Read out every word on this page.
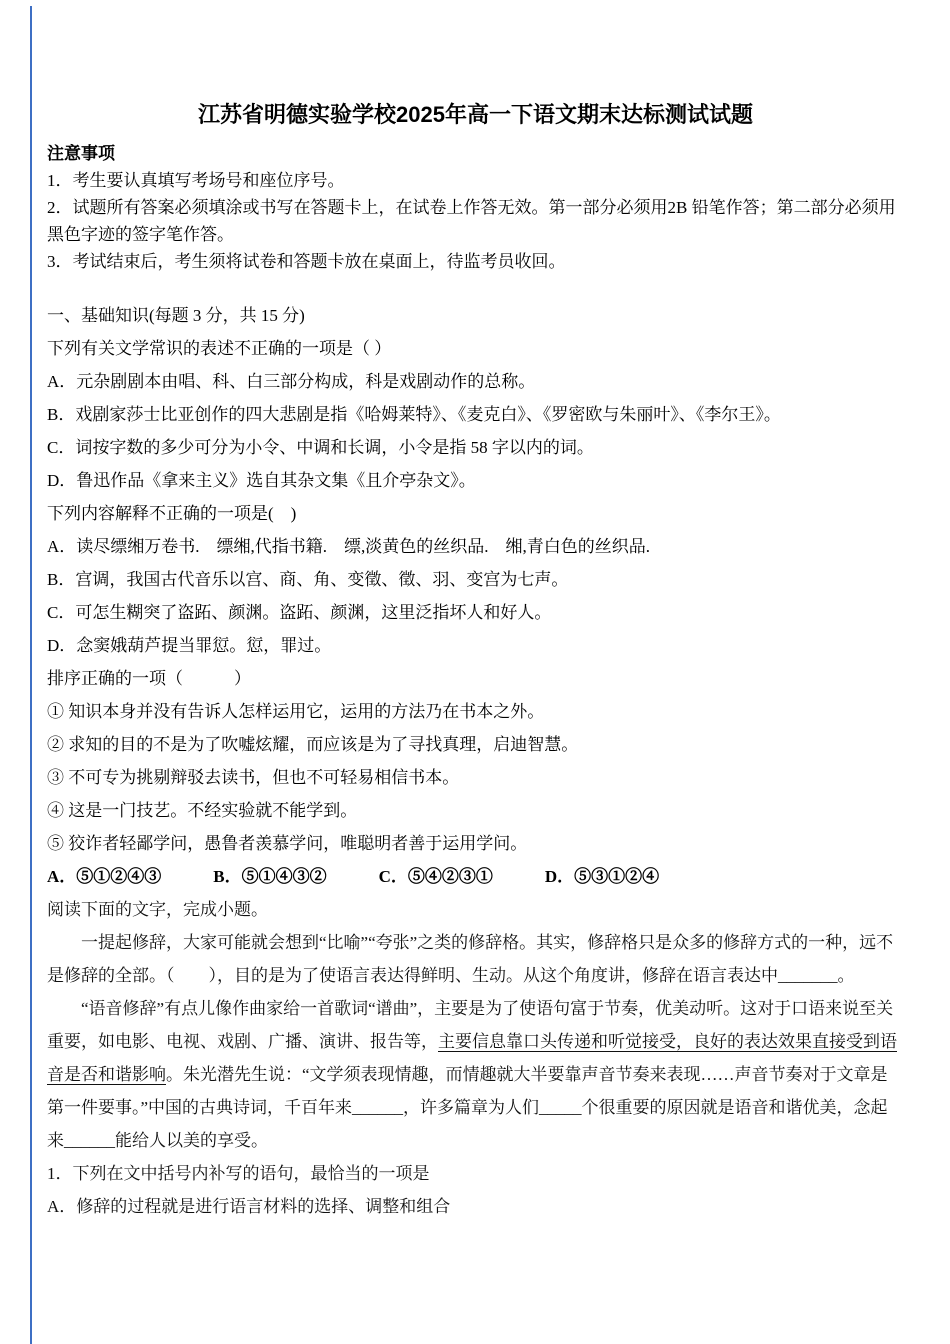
江苏省明德实验学校2025年高一下语文期末达标测试试题
注意事项

1．考生要认真填写考场号和座位序号。

2．试题所有答案必须填涂或书写在答题卡上，在试卷上作答无效。第一部分必须用2B 铅笔作答；第二部分必须用黑色字迹的签字笔作答。

3．考试结束后，考生须将试卷和答题卡放在桌面上，待监考员收回。

一、基础知识(每题 3 分，共 15 分)

下列有关文学常识的表述不正确的一项是（ ）

A．元杂剧剧本由唱、科、白三部分构成，科是戏剧动作的总称。

B．戏剧家莎士比亚创作的四大悲剧是指《哈姆莱特》、《麦克白》、《罗密欧与朱丽叶》、《李尔王》。

C．词按字数的多少可分为小令、中调和长调，小令是指 58 字以内的词。

D．鲁迅作品《拿来主义》选自其杂文集《且介亭杂文》。

下列内容解释不正确的一项是(　)

A．读尽缥缃万卷书.　缥缃,代指书籍.　缥,淡黄色的丝织品.　缃,青白色的丝织品.

B．宫调，我国古代音乐以宫、商、角、变徵、徵、羽、变宫为七声。

C．可怎生糊突了盗跖、颜渊。盗跖、颜渊，这里泛指坏人和好人。

D．念窦娥葫芦提当罪愆。愆，罪过。

排序正确的一项（　　　）

① 知识本身并没有告诉人怎样运用它，运用的方法乃在书本之外。

② 求知的目的不是为了吹嘘炫耀，而应该是为了寻找真理，启迪智慧。

③ 不可专为挑剔辩驳去读书，但也不可轻易相信书本。

④ 这是一门技艺。不经实验就不能学到。

⑤ 狡诈者轻鄙学问，愚鲁者羡慕学问，唯聪明者善于运用学问。

A．⑤①②④③	B．⑤①④③②	C．⑤④②③①	D．⑤③①②④

阅读下面的文字，完成小题。

一提起修辞，大家可能就会想到“比喻”“夸张”之类的修辞格。其实，修辞格只是众多的修辞方式的一种，远不是修辞的全部。（　　），目的是为了使语言表达得鲜明、生动。从这个角度讲，修辞在语言表达中_______。

“语音修辞”有点儿像作曲家给一首歌词“谱曲”，主要是为了使语句富于节奏，优美动听。这对于口语来说至关重要，如电影、电视、戏剧、广播、演讲、报告等，主要信息靠口头传递和听觉接受，良好的表达效果直接受到语音是否和谐影响。朱光潜先生说：“文学须表现情趣，而情趣就大半要靠声音节奏来表现……声音节奏对于文章是第一件要事。”中国的古典诗词，千百年来______，许多篇章为人们_____个很重要的原因就是语音和谐优美，念起来______能给人以美的享受。

1．下列在文中括号内补写的语句，最恰当的一项是

A．修辞的过程就是进行语言材料的选择、调整和组合
